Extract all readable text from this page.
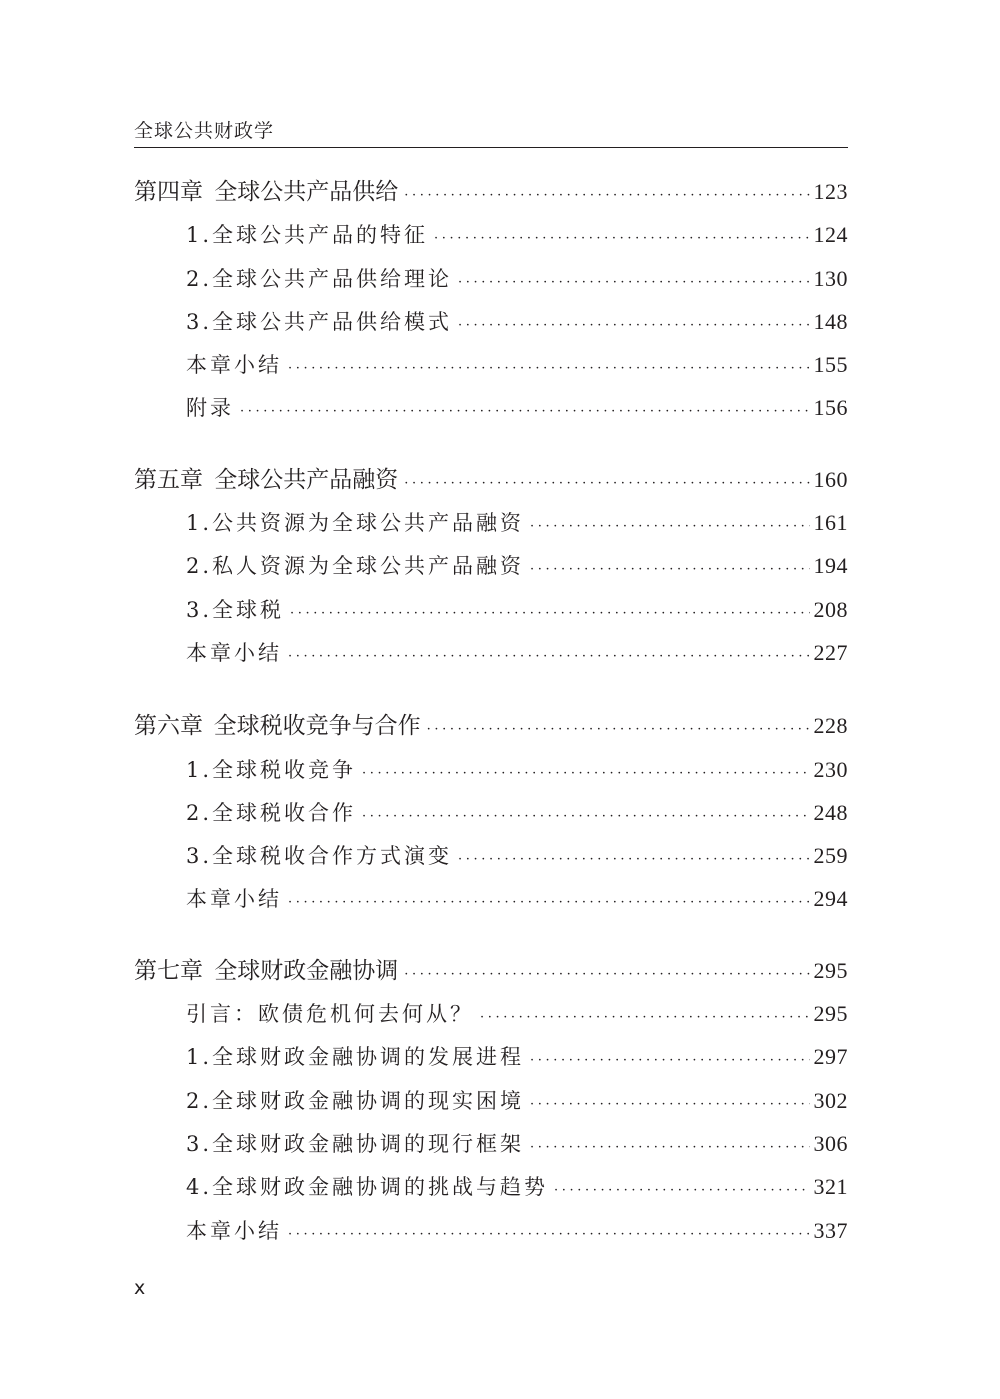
全球公共财政学
第四章 全球公共产品供给 ·····	123
1.全球公共产品的特征 ·····	124
2.全球公共产品供给理论 ·····	130
3.全球公共产品供给模式 ·····	148
本章小结 ·····	155
附录 ·····	156
第五章 全球公共产品融资 ·····	160
1.公共资源为全球公共产品融资 ·····	161
2.私人资源为全球公共产品融资 ·····	194
3.全球税 ·····	208
本章小结 ·····	227
第六章 全球税收竞争与合作 ·····	228
1.全球税收竞争 ·····	230
2.全球税收合作 ·····	248
3.全球税收合作方式演变 ·····	259
本章小结 ·····	294
第七章 全球财政金融协调 ·····	295
引言：欧债危机何去何从？ ·····	295
1.全球财政金融协调的发展进程 ·····	297
2.全球财政金融协调的现实困境 ·····	302
3.全球财政金融协调的现行框架 ·····	306
4.全球财政金融协调的挑战与趋势 ·····	321
本章小结 ·····	337
x
